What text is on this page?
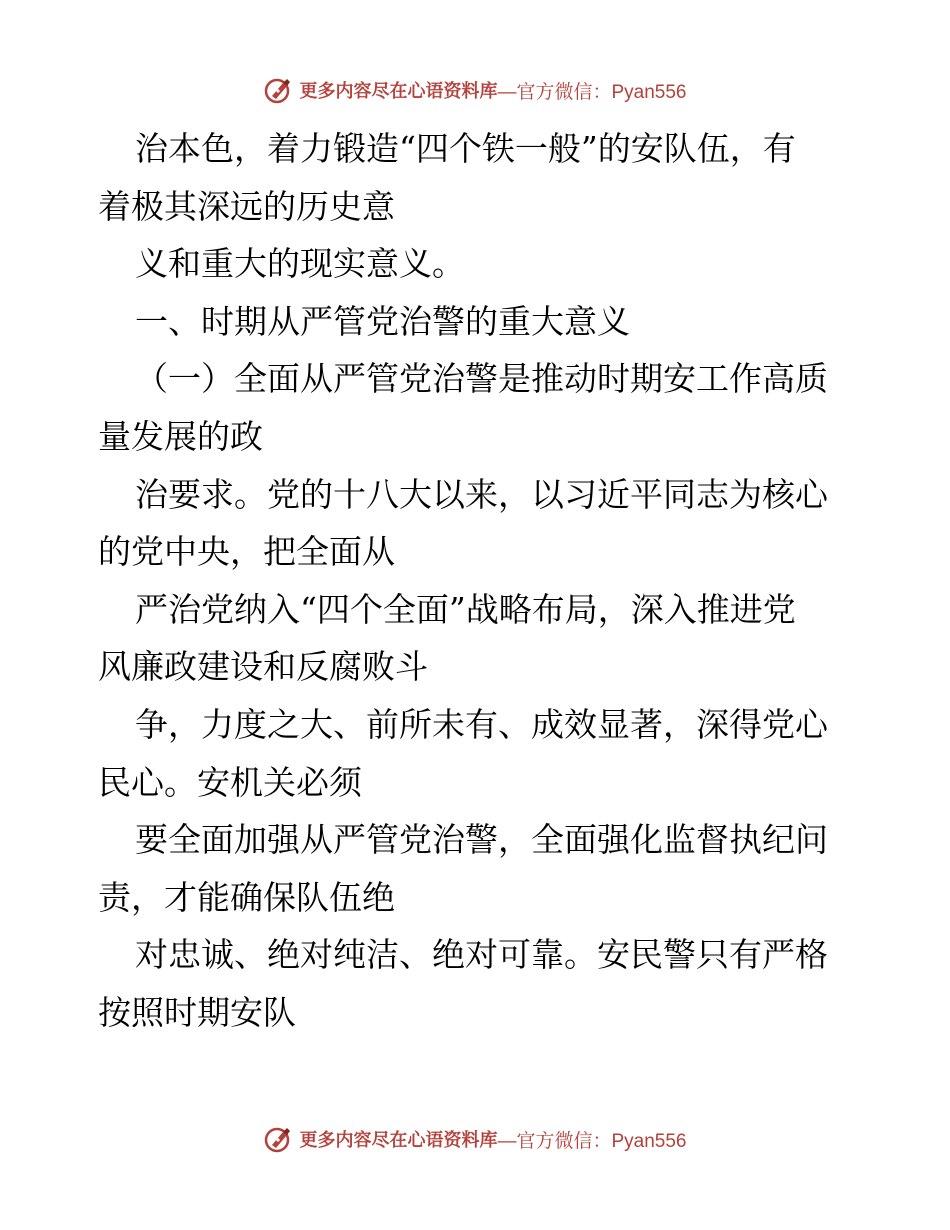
更多内容尽在心语资料库 —官方微信：Pyan556
治本色，着力锻造“四个铁一般”的安队伍，有
着极其深远的历史意
义和重大的现实意义。
一、时期从严管党治警的重大意义
（一）全面从严管党治警是推动时期安工作高质
量发展的政
治要求。党的十八大以来，以习近平同志为核心
的党中央，把全面从
严治党纳入“四个全面”战略布局，深入推进党
风廉政建设和反腐败斗
争，力度之大、前所未有、成效显著，深得党心
民心。安机关必须
要全面加强从严管党治警，全面强化监督执纪问
责，才能确保队伍绝
对忠诚、绝对纯洁、绝对可靠。安民警只有严格
按照时期安队
更多内容尽在心语资料库 —官方微信：Pyan556
